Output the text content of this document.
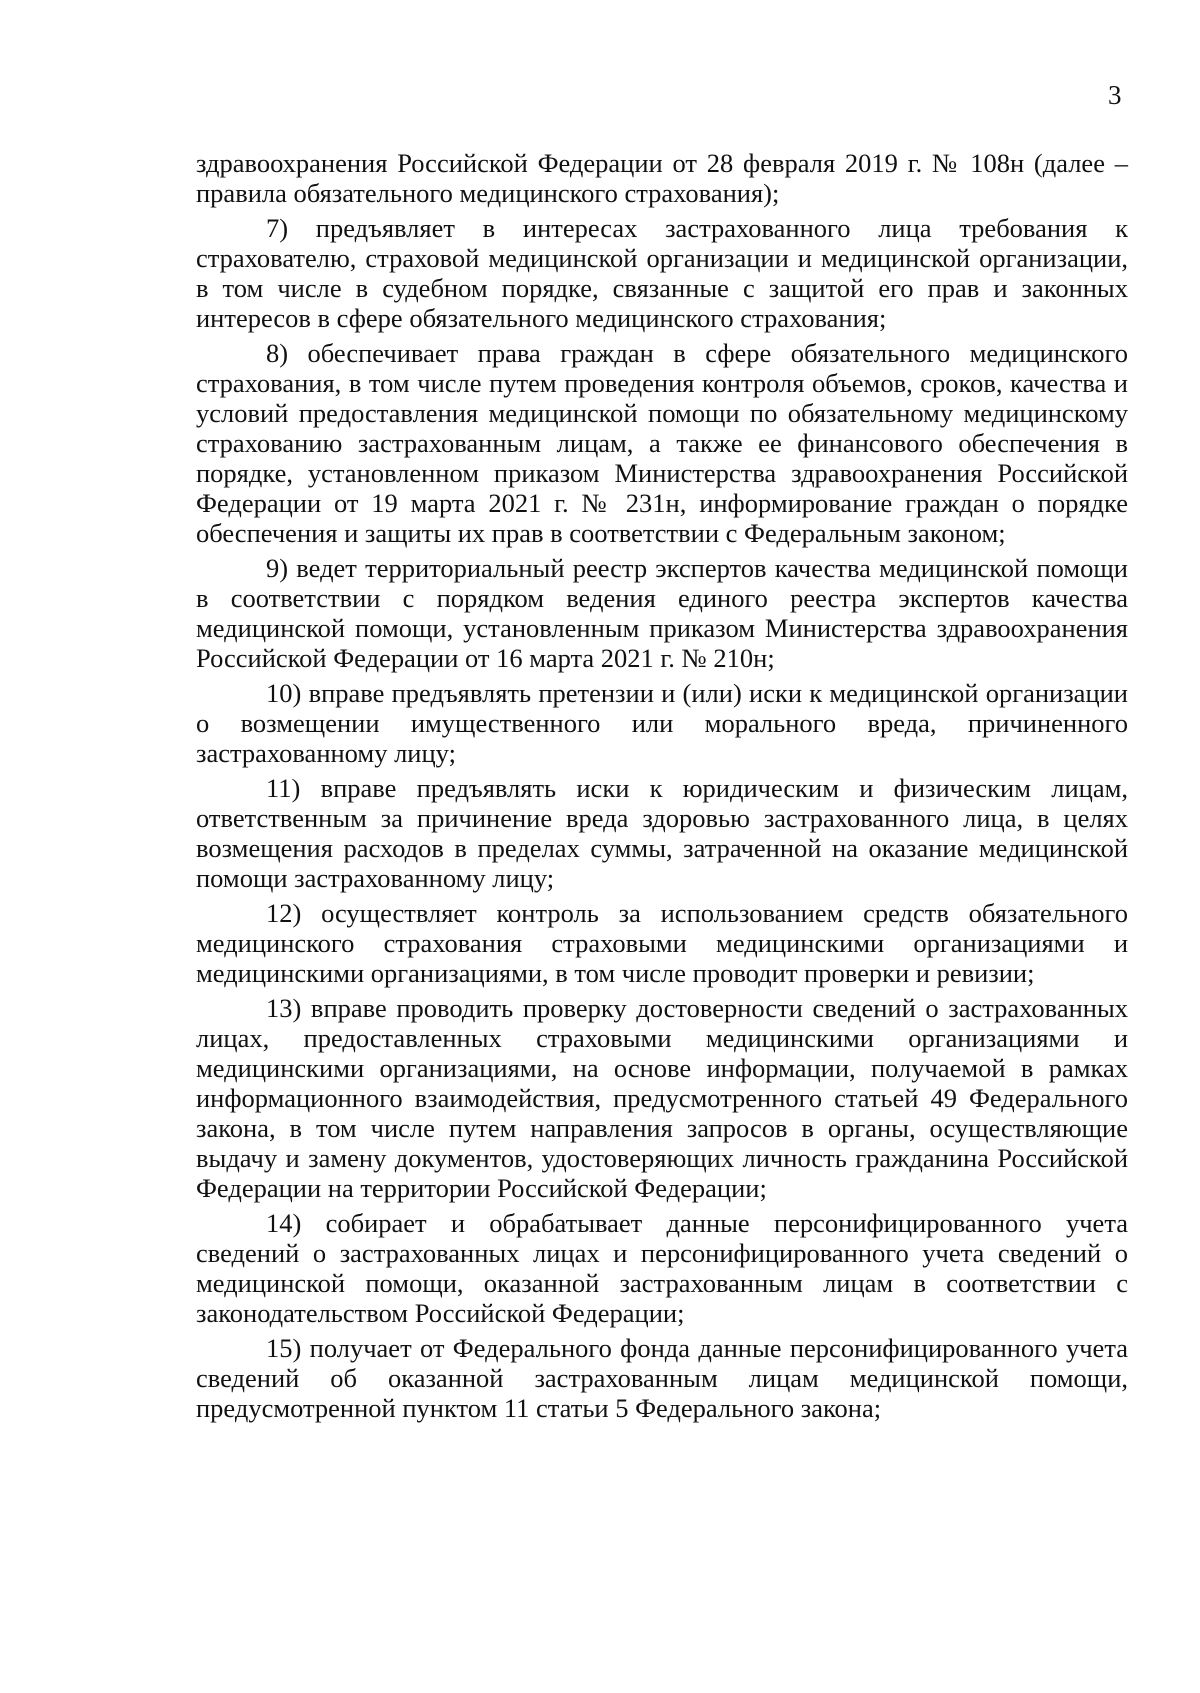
3

здравоохранения Российской Федерации от 28 февраля 2019 г. № 108н (далее – правила обязательного медицинского страхования);

7) предъявляет в интересах застрахованного лица требования к страхователю, страховой медицинской организации и медицинской организации, в том числе в судебном порядке, связанные с защитой его прав и законных интересов в сфере обязательного медицинского страхования;

8) обеспечивает права граждан в сфере обязательного медицинского страхования, в том числе путем проведения контроля объемов, сроков, качества и условий предоставления медицинской помощи по обязательному медицинскому страхованию застрахованным лицам, а также ее финансового обеспечения в порядке, установленном приказом Министерства здравоохранения Российской Федерации от 19 марта 2021 г. № 231н, информирование граждан о порядке обеспечения и защиты их прав в соответствии с Федеральным законом;

9) ведет территориальный реестр экспертов качества медицинской помощи в соответствии с порядком ведения единого реестра экспертов качества медицинской помощи, установленным приказом Министерства здравоохранения Российской Федерации от 16 марта 2021 г. № 210н;

10) вправе предъявлять претензии и (или) иски к медицинской организации о возмещении имущественного или морального вреда, причиненного застрахованному лицу;

11) вправе предъявлять иски к юридическим и физическим лицам, ответственным за причинение вреда здоровью застрахованного лица, в целях возмещения расходов в пределах суммы, затраченной на оказание медицинской помощи застрахованному лицу;

12) осуществляет контроль за использованием средств обязательного медицинского страхования страховыми медицинскими организациями и медицинскими организациями, в том числе проводит проверки и ревизии;

13) вправе проводить проверку достоверности сведений о застрахованных лицах, предоставленных страховыми медицинскими организациями и медицинскими организациями, на основе информации, получаемой в рамках информационного взаимодействия, предусмотренного статьей 49 Федерального закона, в том числе путем направления запросов в органы, осуществляющие выдачу и замену документов, удостоверяющих личность гражданина Российской Федерации на территории Российской Федерации;

14) собирает и обрабатывает данные персонифицированного учета сведений о застрахованных лицах и персонифицированного учета сведений о медицинской помощи, оказанной застрахованным лицам в соответствии с законодательством Российской Федерации;

15) получает от Федерального фонда данные персонифицированного учета сведений об оказанной застрахованным лицам медицинской помощи, предусмотренной пунктом 11 статьи 5 Федерального закона;
